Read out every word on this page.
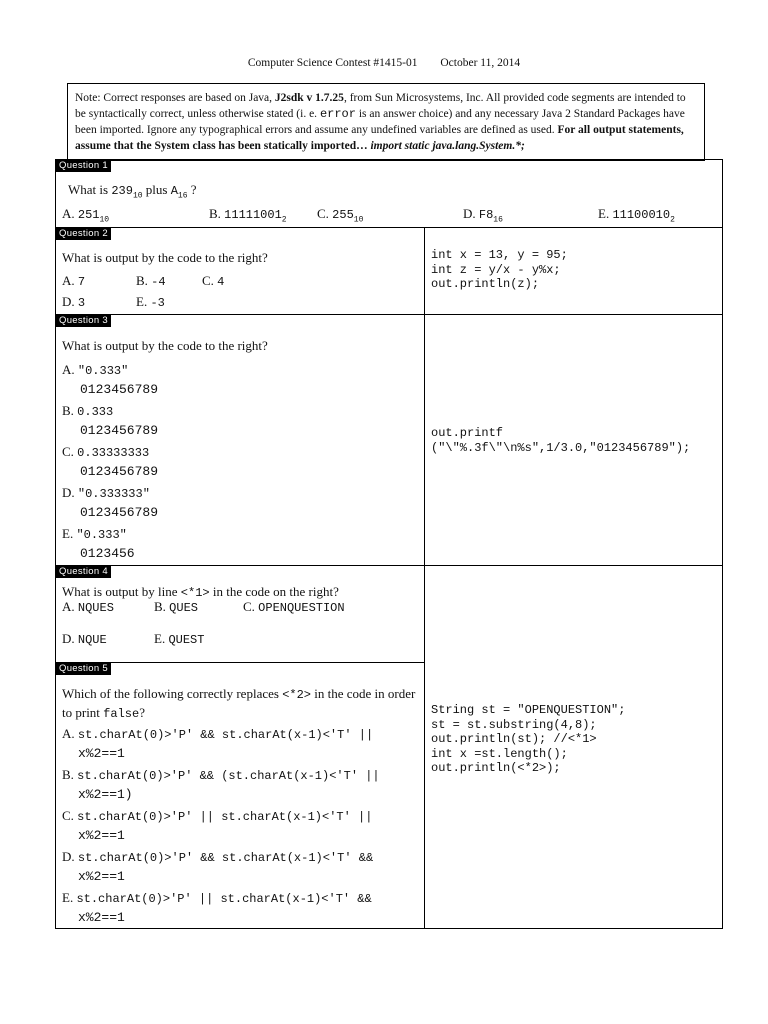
Computer Science Contest #1415-01 October 11, 2014
Note: Correct responses are based on Java, J2sdk v 1.7.25, from Sun Microsystems, Inc. All provided code segments are intended to be syntactically correct, unless otherwise stated (i. e. error is an answer choice) and any necessary Java 2 Standard Packages have been imported. Ignore any typographical errors and assume any undefined variables are defined as used. For all output statements, assume that the System class has been statically imported… import static java.lang.System.*;
Question 1
What is $239_{10}$ plus $A_{16}$ ?
A. $251_{10}$	B. $11111001_2$ C. $255_{10}$	D. $F8_{16}$	E. $11100010_2$
Question 2
What is output by the code to the right?
A. 7	B. -4	C. 4
D. 3	E. -3
int x = 13, y = 95;
int z = y/x - y%x;
out.println(z);
Question 3
What is output by the code to the right?
A. "0.333"
0123456789
B. 0.333
0123456789
C. 0.33333333
0123456789
D. "0.333333"
0123456789
E. "0.333"
0123456
out.printf
("\"%.3f\"\n%s",1/3.0,"0123456789");
Question 4
What is output by line <*1> in the code on the right?
A. NQUES	B. QUES	C. OPENQUESTION
D. NQUE	E. QUEST
Question 5
Which of the following correctly replaces <*2> in the code in order to print false?
A. st.charAt(0)>'P' && st.charAt(x-1)<'T' ||
x%2==1
B. st.charAt(0)>'P' && (st.charAt(x-1)<'T' ||
x%2==1)
C. st.charAt(0)>'P' || st.charAt(x-1)<'T' ||
x%2==1
D. st.charAt(0)>'P' && st.charAt(x-1)<'T' &&
x%2==1
E. st.charAt(0)>'P' || st.charAt(x-1)<'T' &&
x%2==1
String st = "OPENQUESTION";
st = st.substring(4,8);
out.println(st); //<*1>
int x =st.length();
out.println(<*2>);
